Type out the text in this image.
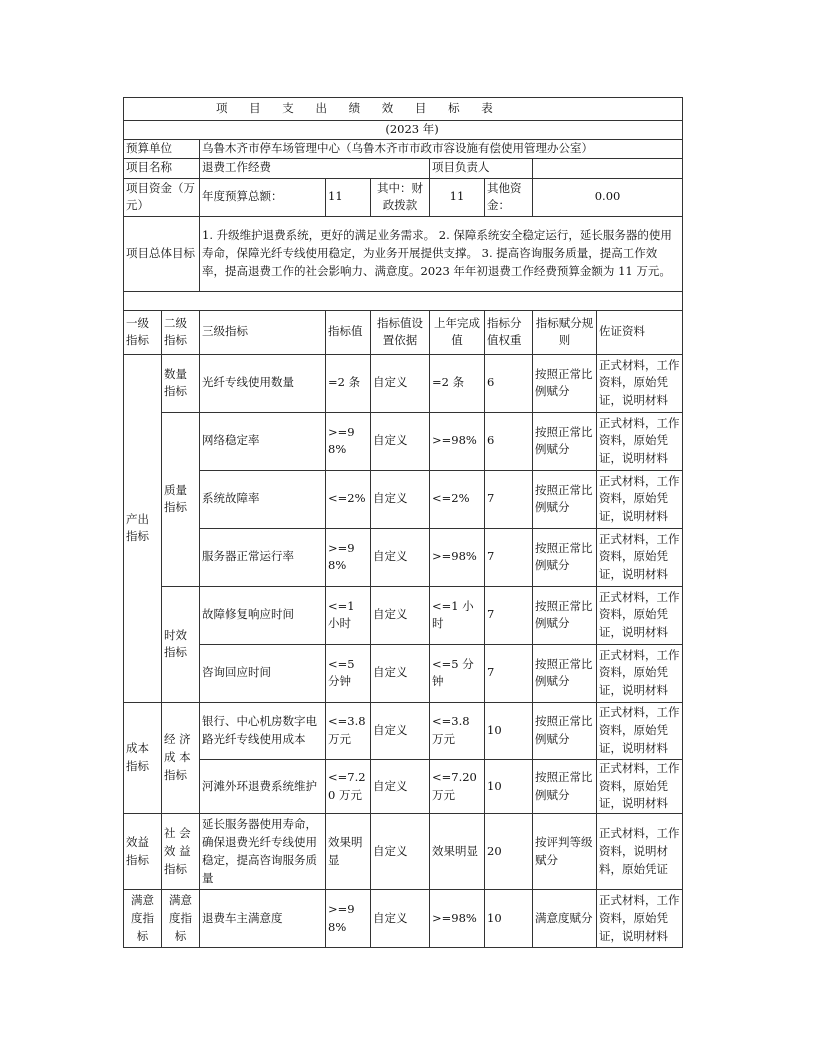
项 目 支 出 绩 效 目 标 表								
(2023 年)								
预算单位		乌鲁木齐市停车场管理中心（乌鲁木齐市市政市容设施有偿使用管理办公室）						
项目名称		退费工作经费			项目负责人			
项目资金（万元）		年度预算总额：	11	其中：财政拨款	11	其他资金：	0.00	
项目总体目标		1. 升级维护退费系统，更好的满足业务需求。 2. 保障系统安全稳定运行，延长服务器的使用寿命，保障光纤专线使用稳定，为业务开展提供支撑。 3. 提高咨询服务质量，提高工作效率，提高退费工作的社会影响力、满意度。2023 年年初退费工作经费预算金额为 11 万元。						

一级指标	二级指标	三级指标	指标值	指标值设置依据	上年完成值	指标分值权重	指标赋分规则	佐证资料
产出指标	数量指标	光纤专线使用数量	=2 条	自定义	=2 条	6	按照正常比例赋分	正式材料，工作资料，原始凭证，说明材料
	质量指标	网络稳定率	>=98%	自定义	>=98%	6	按照正常比例赋分	正式材料，工作资料，原始凭证，说明材料
		系统故障率	<=2%	自定义	<=2%	7	按照正常比例赋分	正式材料，工作资料，原始凭证，说明材料
		服务器正常运行率	>=98%	自定义	>=98%	7	按照正常比例赋分	正式材料，工作资料，原始凭证，说明材料
	时效指标	故障修复响应时间	<=1 小时	自定义	<=1 小时	7	按照正常比例赋分	正式材料，工作资料，原始凭证，说明材料
		咨询回应时间	<=5 分钟	自定义	<=5 分钟	7	按照正常比例赋分	正式材料，工作资料，原始凭证，说明材料
成本指标	经 济 成 本 指标	银行、中心机房数字电路光纤专线使用成本	<=3.8 万元	自定义	<=3.8 万元	10	按照正常比例赋分	正式材料，工作资料，原始凭证，说明材料
		河滩外环退费系统维护	<=7.20 万元	自定义	<=7.20 万元	10	按照正常比例赋分	正式材料，工作资料，原始凭证，说明材料
效益指标	社 会 效 益 指标	延长服务器使用寿命，确保退费光纤专线使用稳定，提高咨询服务质量	效果明显	自定义	效果明显	20	按评判等级赋分	正式材料，工作资料，说明材料，原始凭证
满意度指标	满意度指标	退费车主满意度	>=98%	自定义	>=98%	10	满意度赋分	正式材料，工作资料，原始凭证，说明材料
